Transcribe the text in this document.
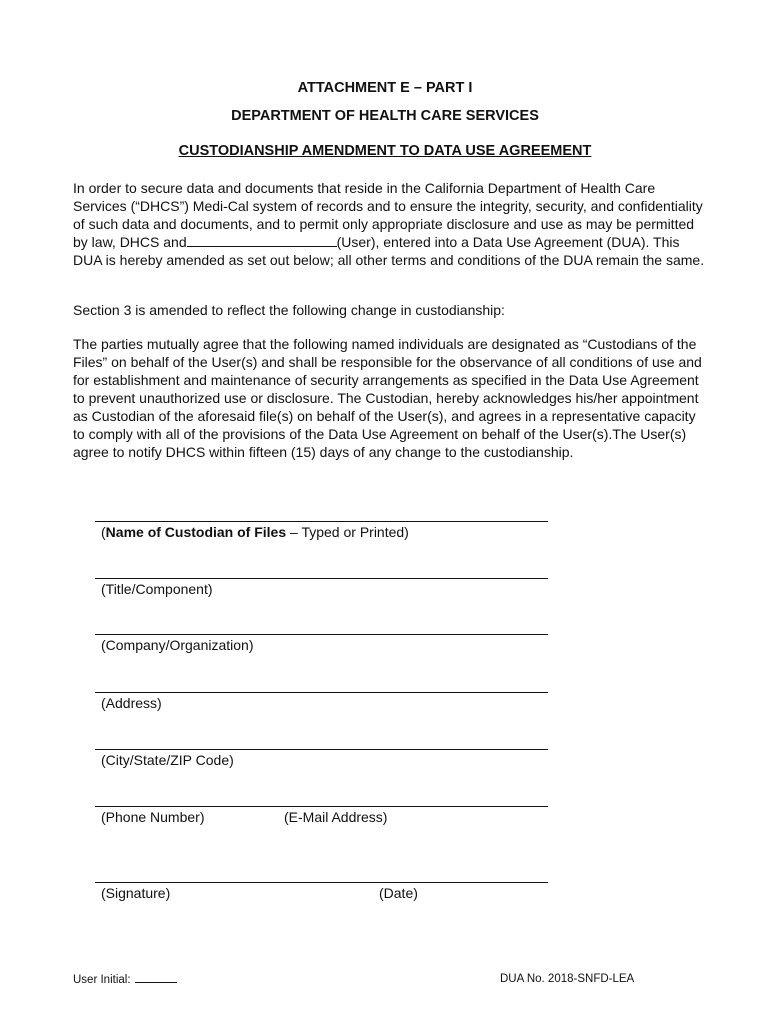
ATTACHMENT E – PART I
DEPARTMENT OF HEALTH CARE SERVICES
CUSTODIANSHIP AMENDMENT TO DATA USE AGREEMENT
In order to secure data and documents that reside in the California Department of Health Care Services (“DHCS”) Medi-Cal system of records and to ensure the integrity, security, and confidentiality of such data and documents, and to permit only appropriate disclosure and use as may be permitted by law, DHCS and	(User), entered into a Data Use Agreement (DUA). This DUA is hereby amended as set out below; all other terms and conditions of the DUA remain the same.
Section 3 is amended to reflect the following change in custodianship:
The parties mutually agree that the following named individuals are designated as “Custodians of the Files” on behalf of the User(s) and shall be responsible for the observance of all conditions of use and for establishment and maintenance of security arrangements as specified in the Data Use Agreement to prevent unauthorized use or disclosure. The Custodian, hereby acknowledges his/her appointment as Custodian of the aforesaid file(s) on behalf of the User(s), and agrees in a representative capacity to comply with all of the provisions of the Data Use Agreement on behalf of the User(s).The User(s) agree to notify DHCS within fifteen (15) days of any change to the custodianship.
(Name of Custodian of Files – Typed or Printed)
(Title/Component)
(Company/Organization)
(Address)
(City/State/ZIP Code)
(Phone Number)	(E-Mail Address)
(Signature)	(Date)
User Initial:	DUA No. 2018-SNFD-LEA
